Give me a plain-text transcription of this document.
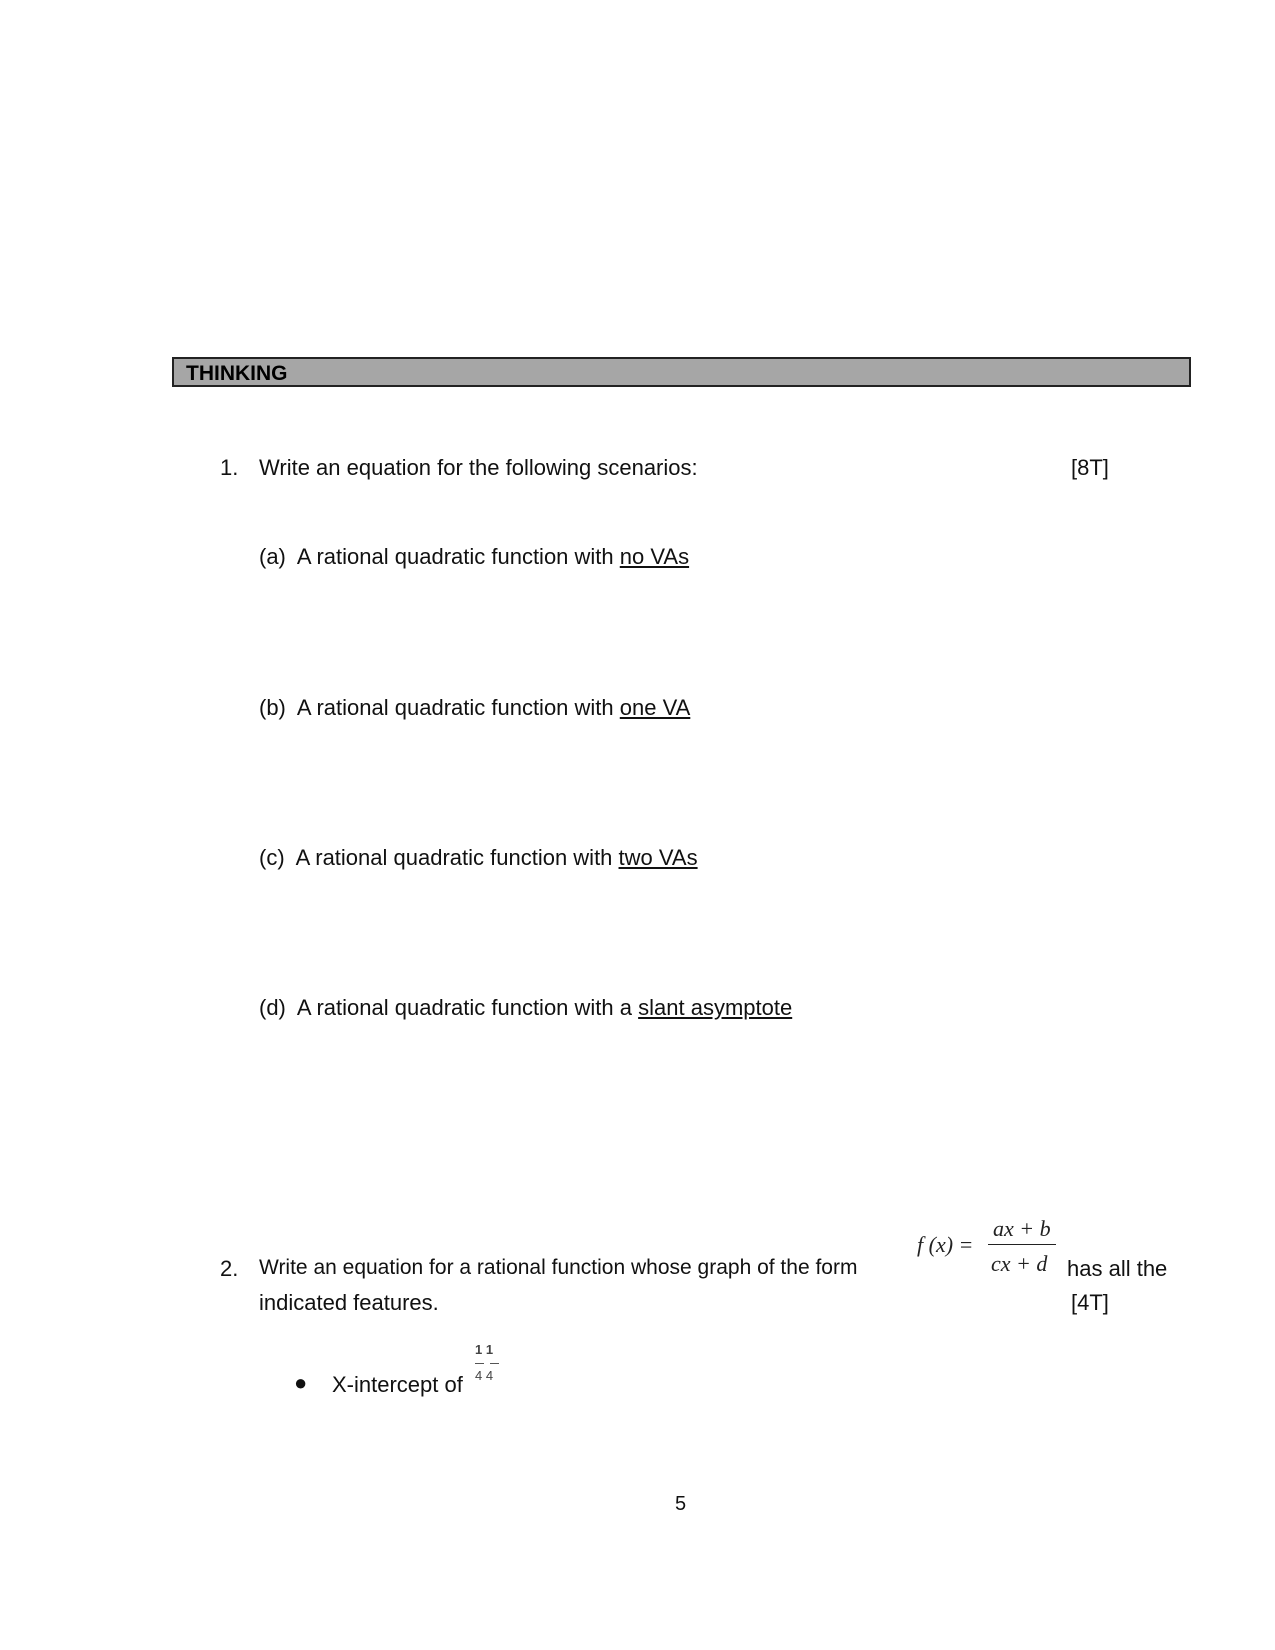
THINKING
1. Write an equation for the following scenarios:	[8T]
(a) A rational quadratic function with no VAs
(b) A rational quadratic function with one VA
(c) A rational quadratic function with two VAs
(d) A rational quadratic function with a slant asymptote
2. Write an equation for a rational function whose graph of the form
f (x) =
ax + b
cx + d has all the
indicated features.	[4T]
● X-intercept of
1 1
4 4
5
